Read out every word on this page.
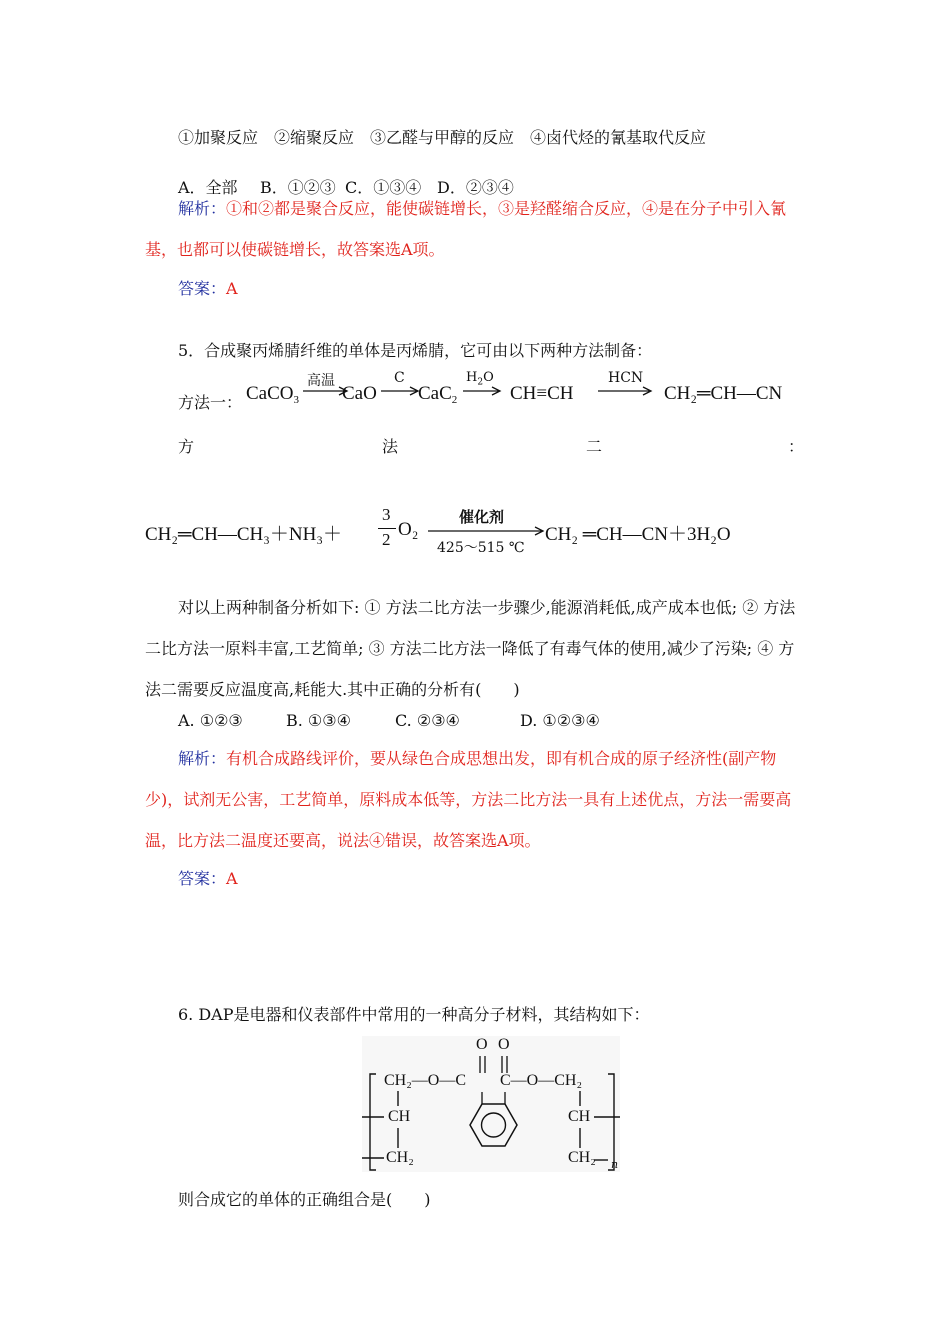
①加聚反应　②缩聚反应　③乙醛与甲醇的反应　④卤代烃的氰基取代反应
A．全部 B．①②③ C．①③④ D．②③④
解析：①和②都是聚合反应，能使碳链增长，③是羟醛缩合反应，④是在分子中引入氰基，也都可以使碳链增长，故答案选A项。
答案：A
5．合成聚丙烯腈纤维的单体是丙烯腈，它可由以下两种方法制备：
方法一： CaCO$_3$
高温
CaO
C
CaC$_2$
$H_2O$
CH≡CH
HCN
CH₂═CH—CN
方	法	二	：
CH₂═CH—CH₃＋NH₃＋
3
2 O₂
催化剂
425～515 ℃
CH₂ ═CH—CN＋3H₂O
对以上两种制备分析如下: ① 方法二比方法一步骤少,能源消耗低,成产成本也低; ② 方法二比方法一原料丰富,工艺简单; ③ 方法二比方法一降低了有毒气体的使用,减少了污染; ④ 方法二需要反应温度高,耗能大.其中正确的分析有(　　)
A. ①②③	B. ①③④	C. ②③④	D. ①②③④
解析：有机合成路线评价，要从绿色合成思想出发，即有机合成的原子经济性(副产物少)，试剂无公害，工艺简单，原料成本低等，方法二比方法一具有上述优点，方法一需要高温，比方法二温度还要高，说法④错误，故答案选A项。
答案：A
6. DAP是电器和仪表部件中常用的一种高分子材料，其结构如下：
CH₂—O—C C—O—CH₂
O O
CH	CH
CH₂	CH₂ n
则合成它的单体的正确组合是(　　)
